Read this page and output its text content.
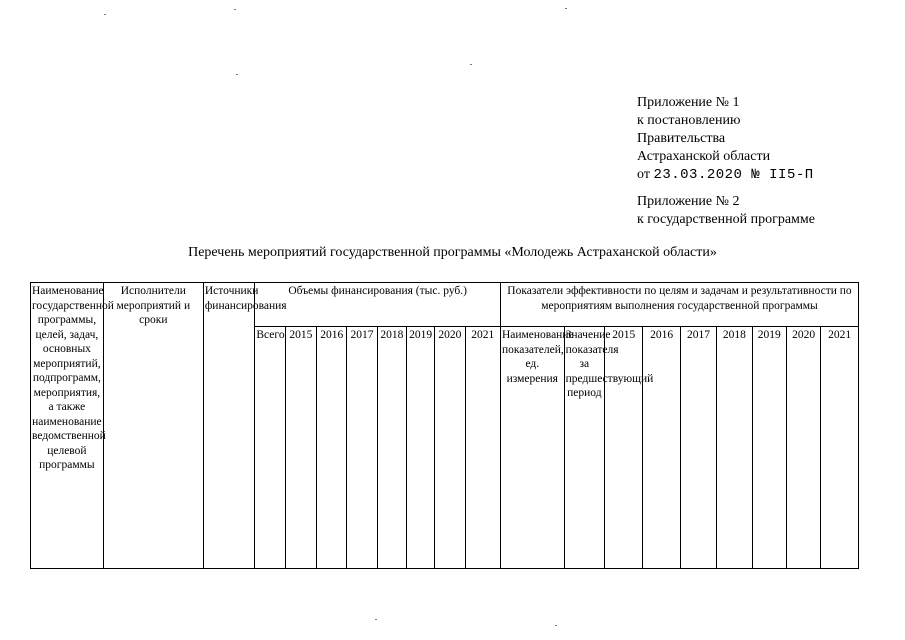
Приложение № 1
к постановлению
Правительства
Астраханской области
от 23.03.2020 № II5-П
Приложение № 2
к государственной программе
Перечень мероприятий государственной программы «Молодежь Астраханской области»
Наименование государственной программы, целей, задач, основных мероприятий, подпрограмм, мероприятия, а также наименование ведомственной целевой программы	Исполнители мероприятий и сроки	Источники финансирования	Объемы финансирования (тыс. руб.)								Показатели эффективности по целям и задачам и результативности по мероприятиям выполнения государственной программы								
			Всего	2015	2016	2017	2018	2019	2020	2021	Наименование показателей, ед. измерения	Значение показателя за предшествующий период	2015	2016	2017	2018	2019	2020	2021
